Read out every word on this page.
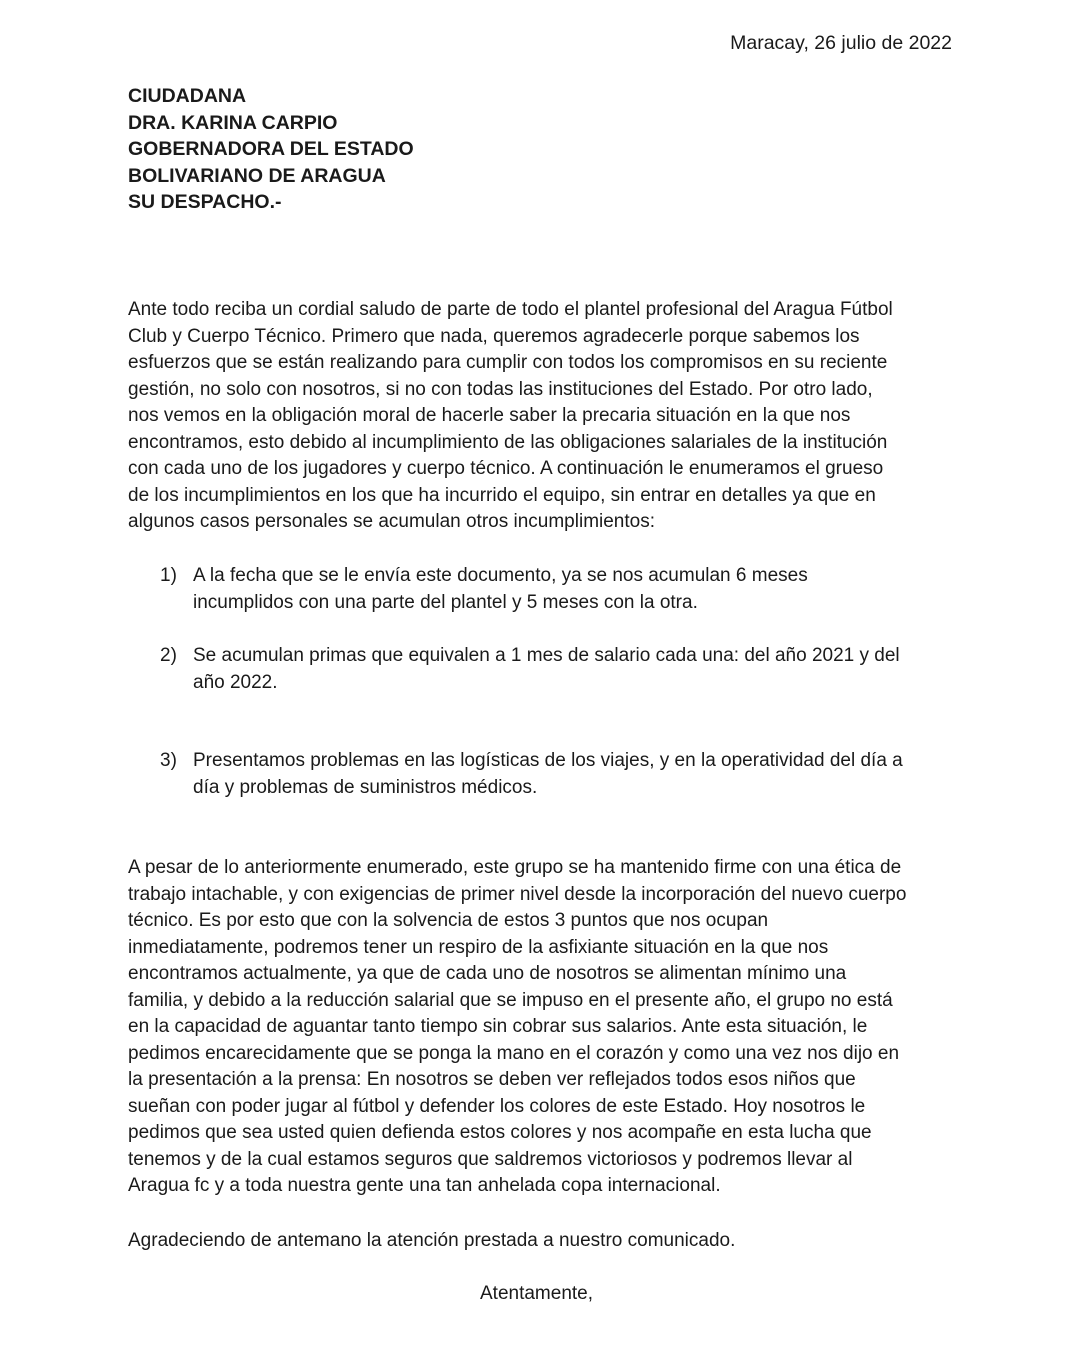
Maracay, 26 julio de 2022
CIUDADANA
DRA. KARINA CARPIO
GOBERNADORA DEL ESTADO
BOLIVARIANO DE ARAGUA
SU DESPACHO.-
Ante todo reciba un cordial saludo de parte de todo el plantel profesional del Aragua Fútbol
Club y Cuerpo Técnico. Primero que nada, queremos agradecerle porque sabemos los
esfuerzos que se están realizando para cumplir con todos los compromisos en su reciente
gestión, no solo con nosotros, si no con todas las instituciones del Estado. Por otro lado,
nos vemos en la obligación moral de hacerle saber la precaria situación en la que nos
encontramos, esto debido al incumplimiento de las obligaciones salariales de la institución
con cada uno de los jugadores y cuerpo técnico. A continuación le enumeramos el grueso
de los incumplimientos en los que ha incurrido el equipo, sin entrar en detalles ya que en
algunos casos personales se acumulan otros incumplimientos:
1) A la fecha que se le envía este documento, ya se nos acumulan 6 meses
incumplidos con una parte del plantel y 5 meses con la otra.
2) Se acumulan primas que equivalen a 1 mes de salario cada una: del año 2021 y del
año 2022.
3) Presentamos problemas en las logísticas de los viajes, y en la operatividad del día a
día y problemas de suministros médicos.
A pesar de lo anteriormente enumerado, este grupo se ha mantenido firme con una ética de
trabajo intachable, y con exigencias de primer nivel desde la incorporación del nuevo cuerpo
técnico. Es por esto que con la solvencia de estos 3 puntos que nos ocupan
inmediatamente, podremos tener un respiro de la asfixiante situación en la que nos
encontramos actualmente, ya que de cada uno de nosotros se alimentan mínimo una
familia, y debido a la reducción salarial que se impuso en el presente año, el grupo no está
en la capacidad de aguantar tanto tiempo sin cobrar sus salarios. Ante esta situación, le
pedimos encarecidamente que se ponga la mano en el corazón y como una vez nos dijo en
la presentación a la prensa: En nosotros se deben ver reflejados todos esos niños que
sueñan con poder jugar al fútbol y defender los colores de este Estado. Hoy nosotros le
pedimos que sea usted quien defienda estos colores y nos acompañe en esta lucha que
tenemos y de la cual estamos seguros que saldremos victoriosos y podremos llevar al
Aragua fc y a toda nuestra gente una tan anhelada copa internacional.
Agradeciendo de antemano la atención prestada a nuestro comunicado.
Atentamente,
